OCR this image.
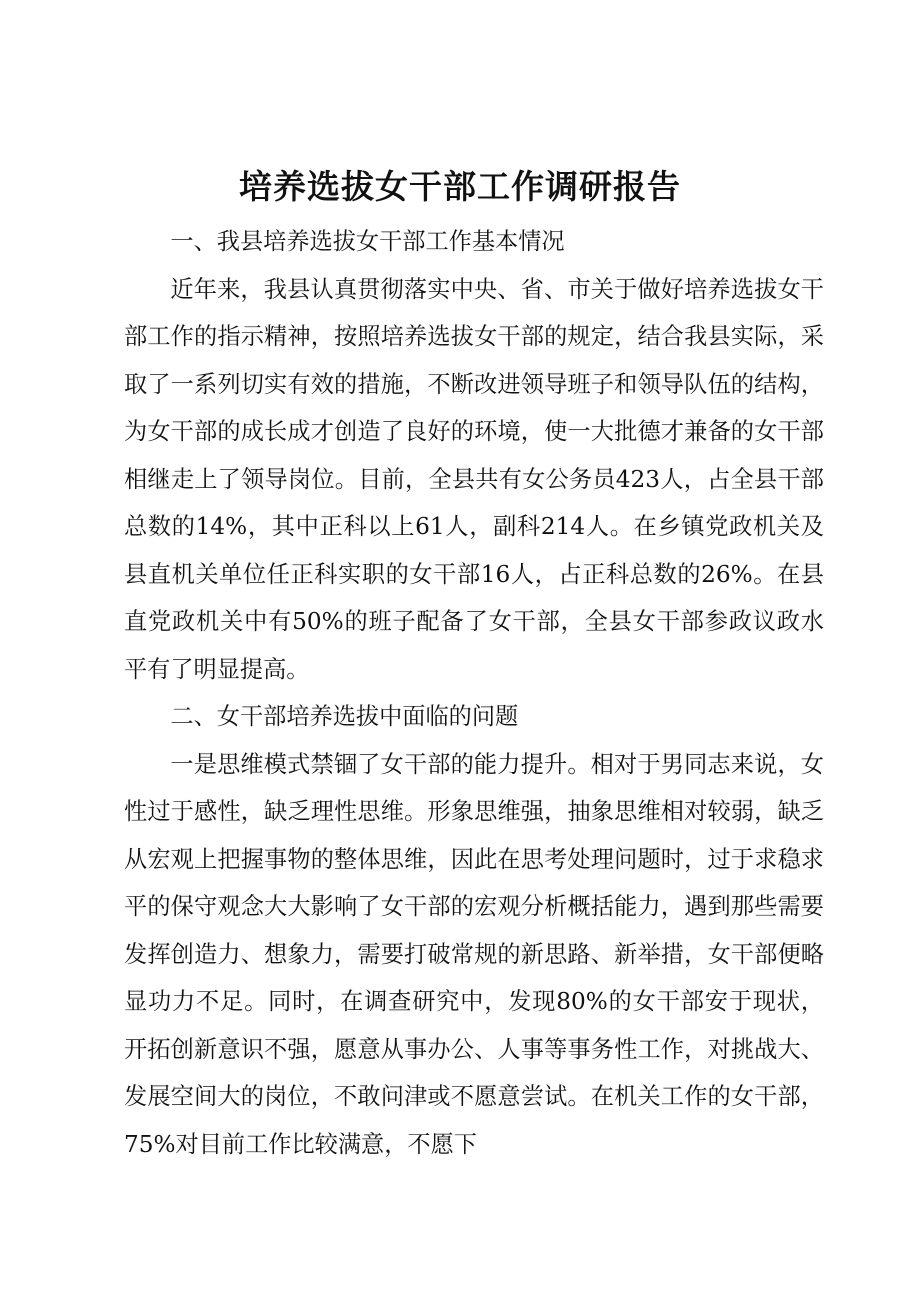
培养选拔女干部工作调研报告

一、我县培养选拔女干部工作基本情况

近年来，我县认真贯彻落实中央、省、市关于做好培养选拔女干部工作的指示精神，按照培养选拔女干部的规定，结合我县实际，采取了一系列切实有效的措施，不断改进领导班子和领导队伍的结构，为女干部的成长成才创造了良好的环境，使一大批德才兼备的女干部相继走上了领导岗位。目前，全县共有女公务员423人，占全县干部总数的14%，其中正科以上61人，副科214人。在乡镇党政机关及县直机关单位任正科实职的女干部16人，占正科总数的26%。在县直党政机关中有50%的班子配备了女干部，全县女干部参政议政水平有了明显提高。

二、女干部培养选拔中面临的问题

一是思维模式禁锢了女干部的能力提升。相对于男同志来说，女性过于感性，缺乏理性思维。形象思维强，抽象思维相对较弱，缺乏从宏观上把握事物的整体思维，因此在思考处理问题时，过于求稳求平的保守观念大大影响了女干部的宏观分析概括能力，遇到那些需要发挥创造力、想象力，需要打破常规的新思路、新举措，女干部便略显功力不足。同时，在调查研究中，发现80%的女干部安于现状，开拓创新意识不强，愿意从事办公、人事等事务性工作，对挑战大、发展空间大的岗位，不敢问津或不愿意尝试。在机关工作的女干部，75%对目前工作比较满意，不愿下
